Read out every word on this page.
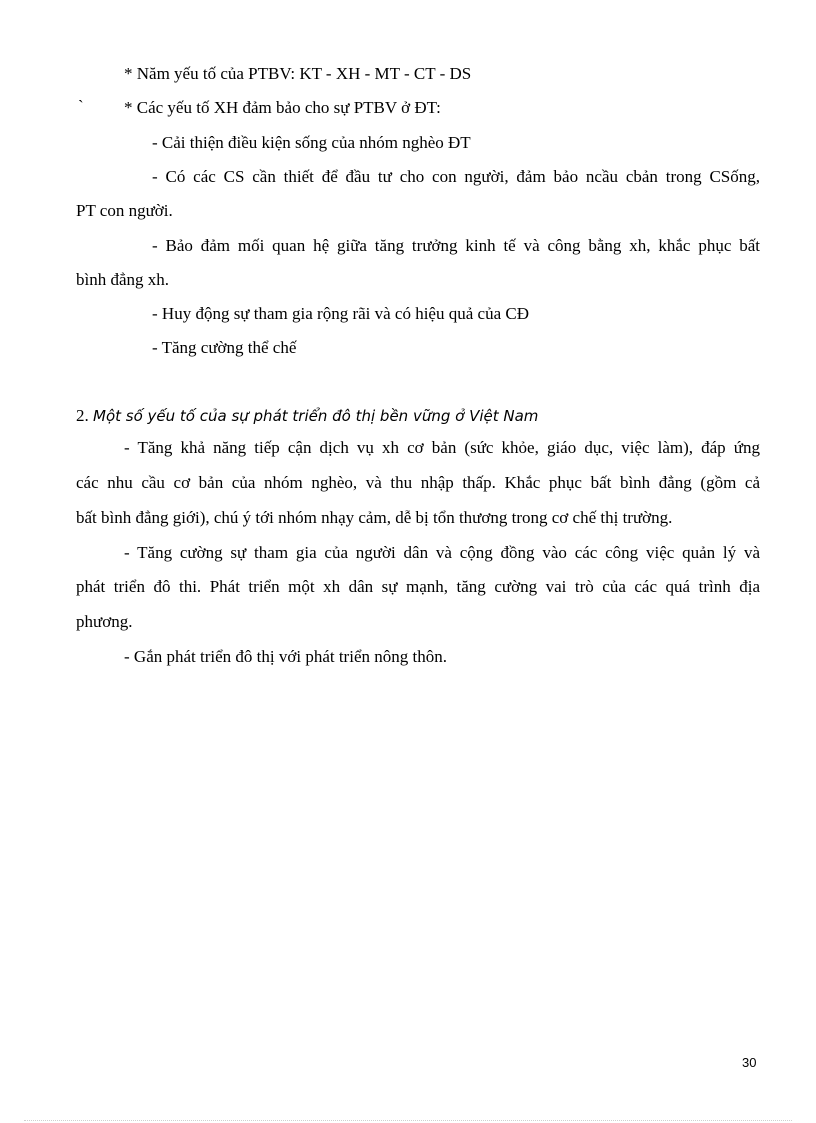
* Năm yếu tố của PTBV: KT - XH - MT - CT - DS
` * Các yếu tố XH đảm bảo cho sự PTBV ở ĐT:
- Cải thiện điều kiện sống của nhóm nghèo ĐT
- Có các CS cần thiết để đầu tư cho con người, đảm bảo ncầu cbản trong CSống,
PT con người.
- Bảo đảm mối quan hệ giữa tăng trưởng kinh tế và công bằng xh, khắc phục bất
bình đẳng xh.
- Huy động sự tham gia rộng rãi và có hiệu quả của CĐ
- Tăng cường thể chế
2. Một số yếu tố của sự phát triển đô thị bền vững ở Việt Nam
- Tăng khả năng tiếp cận dịch vụ xh cơ bản (sức khỏe, giáo dục, việc làm), đáp ứng
các nhu cầu cơ bản của nhóm nghèo, và thu nhập thấp. Khắc phục bất bình đẳng (gồm cả
bất bình đẳng giới), chú ý tới nhóm nhạy cảm, dễ bị tổn thương trong cơ chế thị trường.
- Tăng cường sự tham gia của người dân và cộng đồng vào các công việc quản lý và
phát triển đô thi. Phát triển một xh dân sự mạnh, tăng cường vai trò của các quá trình địa
phương.
- Gắn phát triển đô thị với phát triển nông thôn.
30
